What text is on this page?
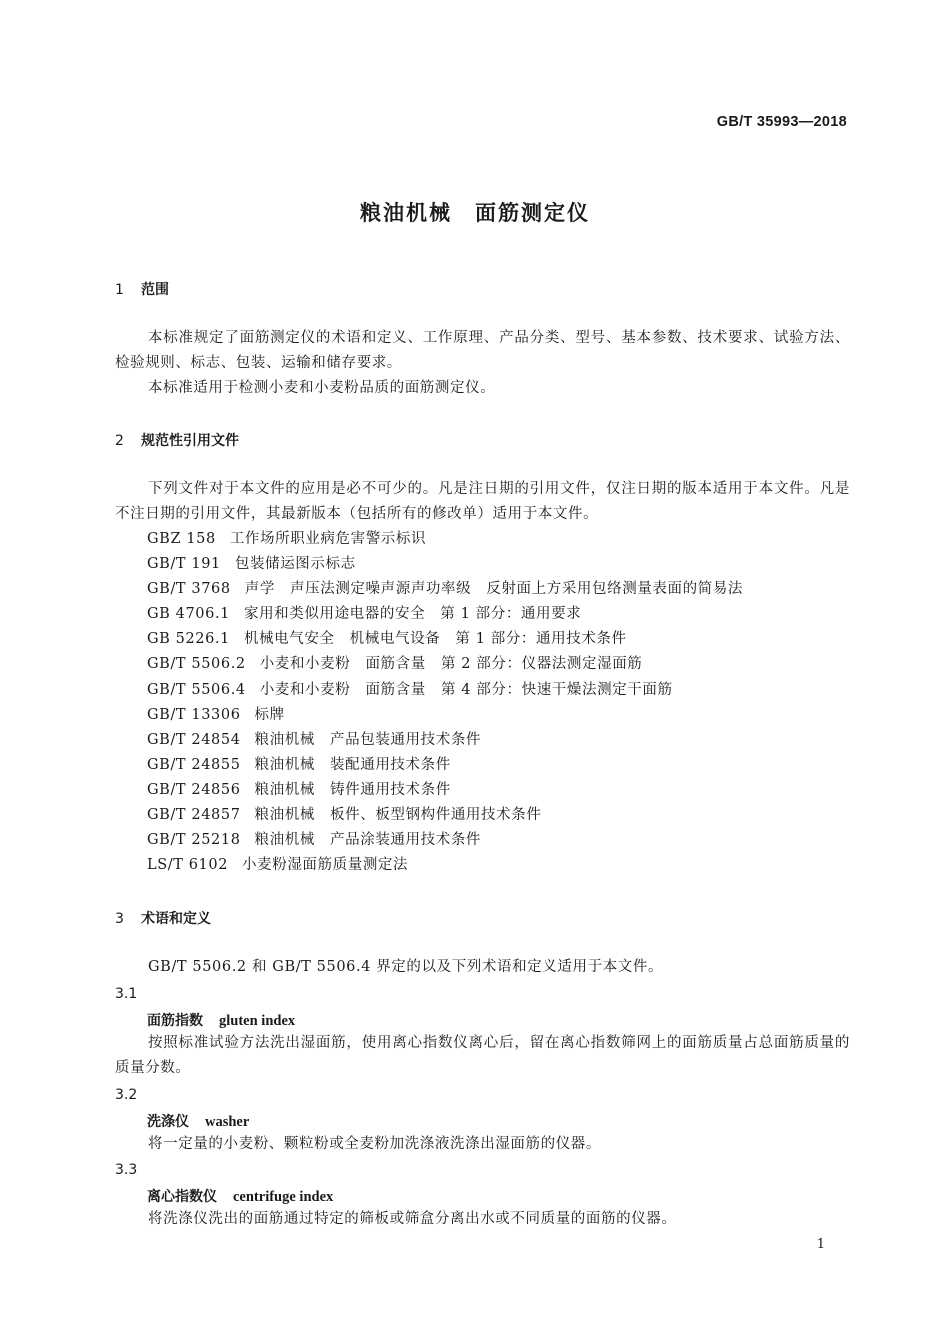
GB/T 35993—2018
粮油机械　面筋测定仪
1 范围
本标准规定了面筋测定仪的术语和定义、工作原理、产品分类、型号、基本参数、技术要求、试验方法、检验规则、标志、包装、运输和储存要求。
本标准适用于检测小麦和小麦粉品质的面筋测定仪。
2 规范性引用文件
下列文件对于本文件的应用是必不可少的。凡是注日期的引用文件，仅注日期的版本适用于本文件。凡是不注日期的引用文件，其最新版本（包括所有的修改单）适用于本文件。
GBZ 158 工作场所职业病危害警示标识
GB/T 191 包装储运图示标志
GB/T 3768 声学　声压法测定噪声源声功率级　反射面上方采用包络测量表面的简易法
GB 4706.1 家用和类似用途电器的安全　第 1 部分：通用要求
GB 5226.1 机械电气安全　机械电气设备　第 1 部分：通用技术条件
GB/T 5506.2 小麦和小麦粉　面筋含量　第 2 部分：仪器法测定湿面筋
GB/T 5506.4 小麦和小麦粉　面筋含量　第 4 部分：快速干燥法测定干面筋
GB/T 13306 标牌
GB/T 24854 粮油机械　产品包装通用技术条件
GB/T 24855 粮油机械　装配通用技术条件
GB/T 24856 粮油机械　铸件通用技术条件
GB/T 24857 粮油机械　板件、板型钢构件通用技术条件
GB/T 25218 粮油机械　产品涂装通用技术条件
LS/T 6102 小麦粉湿面筋质量测定法
3 术语和定义
GB/T 5506.2 和 GB/T 5506.4 界定的以及下列术语和定义适用于本文件。
3.1
面筋指数 gluten index
按照标准试验方法洗出湿面筋，使用离心指数仪离心后，留在离心指数筛网上的面筋质量占总面筋质量的质量分数。
3.2
洗涤仪 washer
将一定量的小麦粉、颗粒粉或全麦粉加洗涤液洗涤出湿面筋的仪器。
3.3
离心指数仪 centrifuge index
将洗涤仪洗出的面筋通过特定的筛板或筛盒分离出水或不同质量的面筋的仪器。
1
